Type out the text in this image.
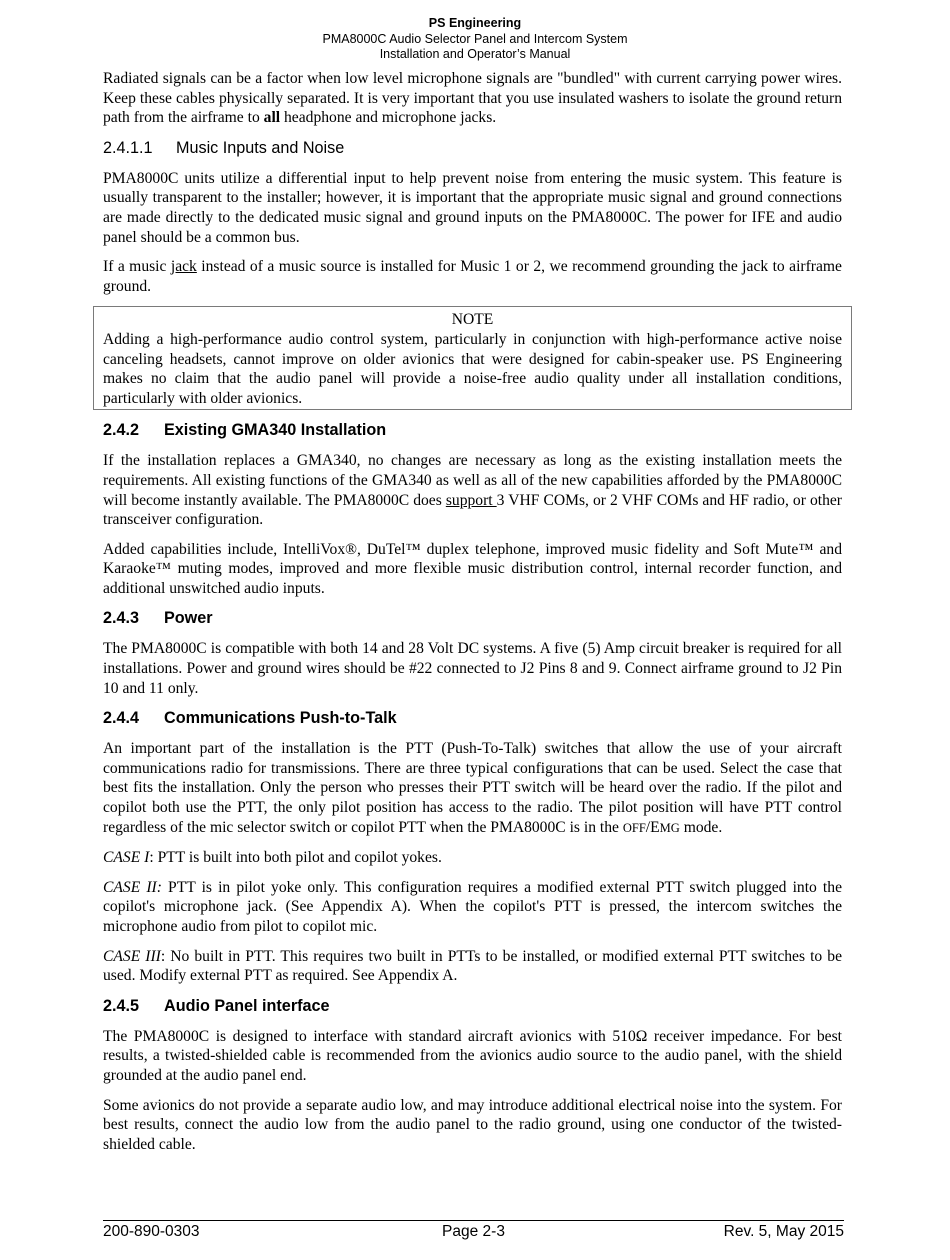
PS Engineering
PMA8000C Audio Selector Panel and Intercom System
Installation and Operator’s Manual

Radiated signals can be a factor when low level microphone signals are "bundled" with current carrying power wires. Keep these cables physically separated. It is very important that you use insulated washers to isolate the ground return path from the airframe to all headphone and microphone jacks.

2.4.1.1	Music Inputs and Noise

PMA8000C units utilize a differential input to help prevent noise from entering the music system. This feature is usually transparent to the installer; however, it is important that the appropriate music signal and ground connections are made directly to the dedicated music signal and ground inputs on the PMA8000C. The power for IFE and audio panel should be a common bus.

If a music jack instead of a music source is installed for Music 1 or 2, we recommend grounding the jack to airframe ground.

NOTE

Adding a high-performance audio control system, particularly in conjunction with high-performance active noise canceling headsets, cannot improve on older avionics that were designed for cabin-speaker use. PS Engineering makes no claim that the audio panel will provide a noise-free audio quality under all installation conditions, particularly with older avionics.

2.4.2	Existing GMA340 Installation

If the installation replaces a GMA340, no changes are necessary as long as the existing installation meets the requirements. All existing functions of the GMA340 as well as all of the new capabilities afforded by the PMA8000C will become instantly available. The PMA8000C does support 3 VHF COMs, or 2 VHF COMs and HF radio, or other transceiver configuration.

Added capabilities include, IntelliVox®, DuTel™ duplex telephone, improved music fidelity and Soft Mute™ and Karaoke™ muting modes, improved and more flexible music distribution control, internal recorder function, and additional unswitched audio inputs.

2.4.3	Power

The PMA8000C is compatible with both 14 and 28 Volt DC systems. A five (5) Amp circuit breaker is required for all installations. Power and ground wires should be #22 connected to J2 Pins 8 and 9. Connect airframe ground to J2 Pin 10 and 11 only.

2.4.4	Communications Push-to-Talk

An important part of the installation is the PTT (Push-To-Talk) switches that allow the use of your aircraft communications radio for transmissions. There are three typical configurations that can be used. Select the case that best fits the installation. Only the person who presses their PTT switch will be heard over the radio. If the pilot and copilot both use the PTT, the only pilot position has access to the radio. The pilot position will have PTT control regardless of the mic selector switch or copilot PTT when the PMA8000C is in the OFF/EMG mode.

CASE I: PTT is built into both pilot and copilot yokes.

CASE II: PTT is in pilot yoke only. This configuration requires a modified external PTT switch plugged into the copilot's microphone jack. (See Appendix A). When the copilot's PTT is pressed, the intercom switches the microphone audio from pilot to copilot mic.

CASE III: No built in PTT. This requires two built in PTTs to be installed, or modified external PTT switches to be used. Modify external PTT as required. See Appendix A.

2.4.5	Audio Panel interface

The PMA8000C is designed to interface with standard aircraft avionics with 510Ω receiver impedance. For best results, a twisted-shielded cable is recommended from the avionics audio source to the audio panel, with the shield grounded at the audio panel end.

Some avionics do not provide a separate audio low, and may introduce additional electrical noise into the system. For best results, connect the audio low from the audio panel to the radio ground, using one conductor of the twisted-shielded cable.

200-890-0303	Page 2-3	Rev. 5, May 2015
